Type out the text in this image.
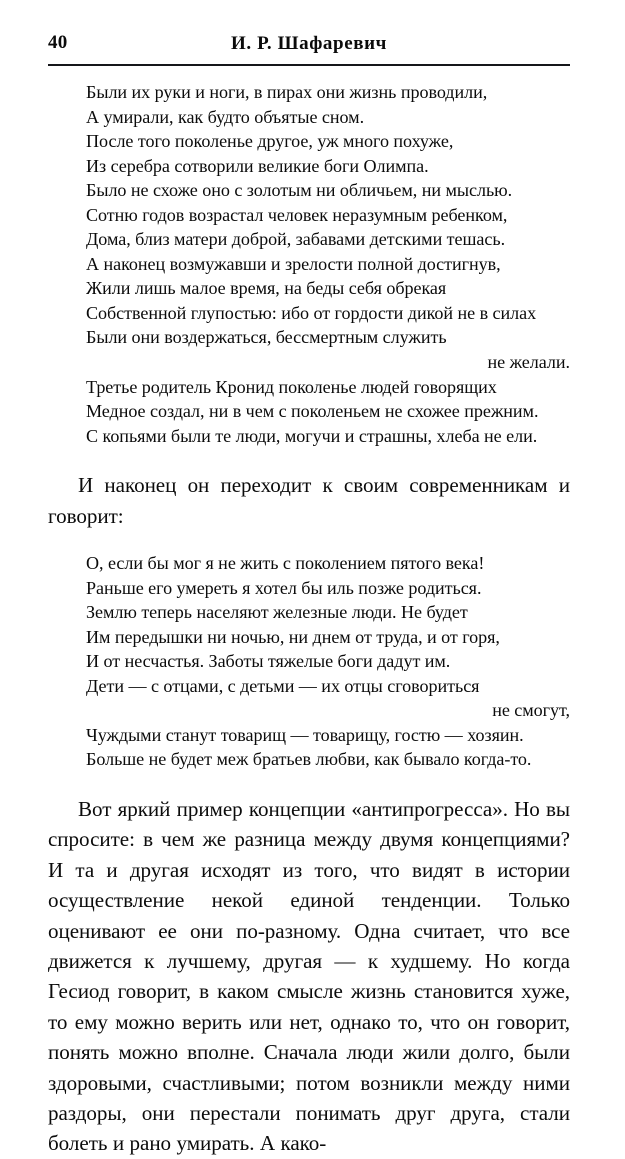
40	И. Р. Шафаревич
Были их руки и ноги, в пирах они жизнь проводили,
А умирали, как будто объятые сном.
После того поколенье другое, уж много похуже,
Из серебра сотворили великие боги Олимпа.
Было не схоже оно с золотым ни обличьем, ни мыслью.
Сотню годов возрастал человек неразумным ребенком,
Дома, близ матери доброй, забавами детскими тешась.
А наконец возмужавши и зрелости полной достигнув,
Жили лишь малое время, на беды себя обрекая
Собственной глупостью: ибо от гордости дикой не в силах
Были они воздержаться, бессмертным служить
не желали.
Третье родитель Кронид поколенье людей говорящих
Медное создал, ни в чем с поколеньем не схожее прежним.
С копьями были те люди, могучи и страшны, хлеба не ели.

И наконец он переходит к своим современникам и говорит:

О, если бы мог я не жить с поколением пятого века!
Раньше его умереть я хотел бы иль позже родиться.
Землю теперь населяют железные люди. Не будет
Им передышки ни ночью, ни днем от труда, и от горя,
И от несчастья. Заботы тяжелые боги дадут им.
Дети — с отцами, с детьми — их отцы сговориться
не смогут,
Чуждыми станут товарищ — товарищу, гостю — хозяин.
Больше не будет меж братьев любви, как бывало когда-то.

Вот яркий пример концепции «антипрогресса». Но вы спросите: в чем же разница между двумя концепциями? И та и другая исходят из того, что видят в истории осуществление некой единой тенденции. Только оценивают ее они по-разному. Одна считает, что все движется к лучшему, другая — к худшему. Но когда Гесиод говорит, в каком смысле жизнь становится хуже, то ему можно верить или нет, однако то, что он говорит, понять можно вполне. Сначала люди жили долго, были здоровыми, счастливыми; потом возникли между ними раздоры, они перестали понимать друг друга, стали болеть и рано умирать. А како-
